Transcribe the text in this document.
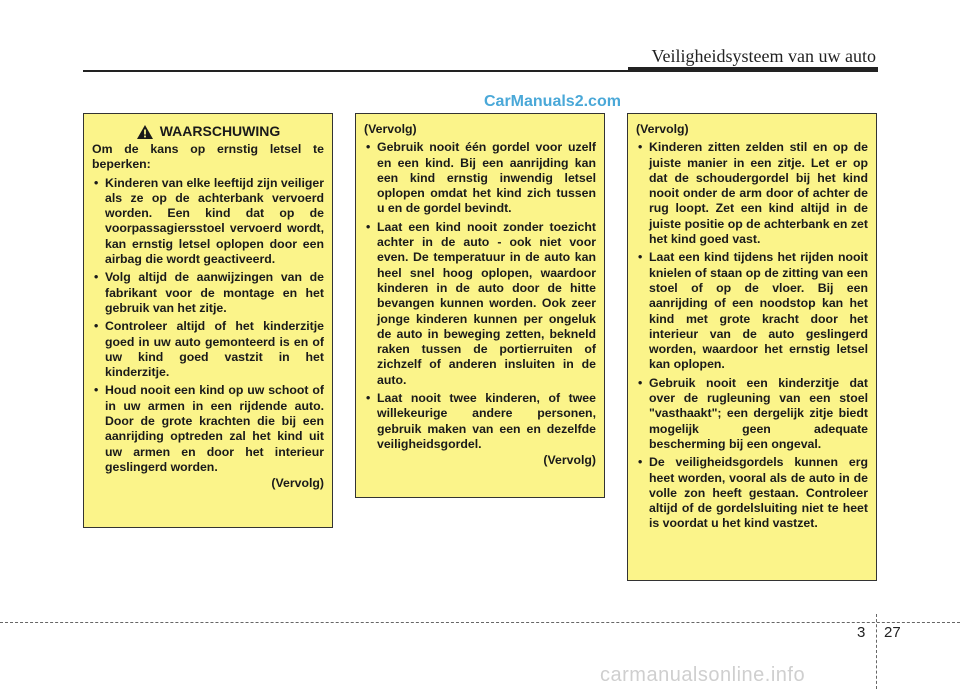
Veiligheidsysteem van uw auto
CarManuals2.com
WAARSCHUWING

Om de kans op ernstig letsel te beperken:

• Kinderen van elke leeftijd zijn veiliger als ze op de achterbank vervoerd worden. Een kind dat op de voorpassagiersstoel vervoerd wordt, kan ernstig letsel oplopen door een airbag die wordt geactiveerd.
• Volg altijd de aanwijzingen van de fabrikant voor de montage en het gebruik van het zitje.
• Controleer altijd of het kinderzitje goed in uw auto gemonteerd is en of uw kind goed vastzit in het kinderzitje.
• Houd nooit een kind op uw schoot of in uw armen in een rijdende auto. Door de grote krachten die bij een aanrijding optreden zal het kind uit uw armen en door het interieur geslingerd worden.
(Vervolg)
(Vervolg)
• Gebruik nooit één gordel voor uzelf en een kind. Bij een aanrijding kan een kind ernstig inwendig letsel oplopen omdat het kind zich tussen u en de gordel bevindt.
• Laat een kind nooit zonder toezicht achter in de auto - ook niet voor even. De temperatuur in de auto kan heel snel hoog oplopen, waardoor kinderen in de auto door de hitte bevangen kunnen worden. Ook zeer jonge kinderen kunnen per ongeluk de auto in beweging zetten, bekneld raken tussen de portierruiten of zichzelf of anderen insluiten in de auto.
• Laat nooit twee kinderen, of twee willekeurige andere personen, gebruik maken van een en dezelfde veiligheidsgordel.
(Vervolg)
(Vervolg)
• Kinderen zitten zelden stil en op de juiste manier in een zitje. Let er op dat de schoudergordel bij het kind nooit onder de arm door of achter de rug loopt. Zet een kind altijd in de juiste positie op de achterbank en zet het kind goed vast.
• Laat een kind tijdens het rijden nooit knielen of staan op de zitting van een stoel of op de vloer. Bij een aanrijding of een noodstop kan het kind met grote kracht door het interieur van de auto geslingerd worden, waardoor het ernstig letsel kan oplopen.
• Gebruik nooit een kinderzitje dat over de rugleuning van een stoel "vasthaakt"; een dergelijk zitje biedt mogelijk geen adequate bescherming bij een ongeval.
• De veiligheidsgordels kunnen erg heet worden, vooral als de auto in de volle zon heeft gestaan. Controleer altijd of de gordelsluiting niet te heet is voordat u het kind vastzet.
3 27
carmanualsonline.info
